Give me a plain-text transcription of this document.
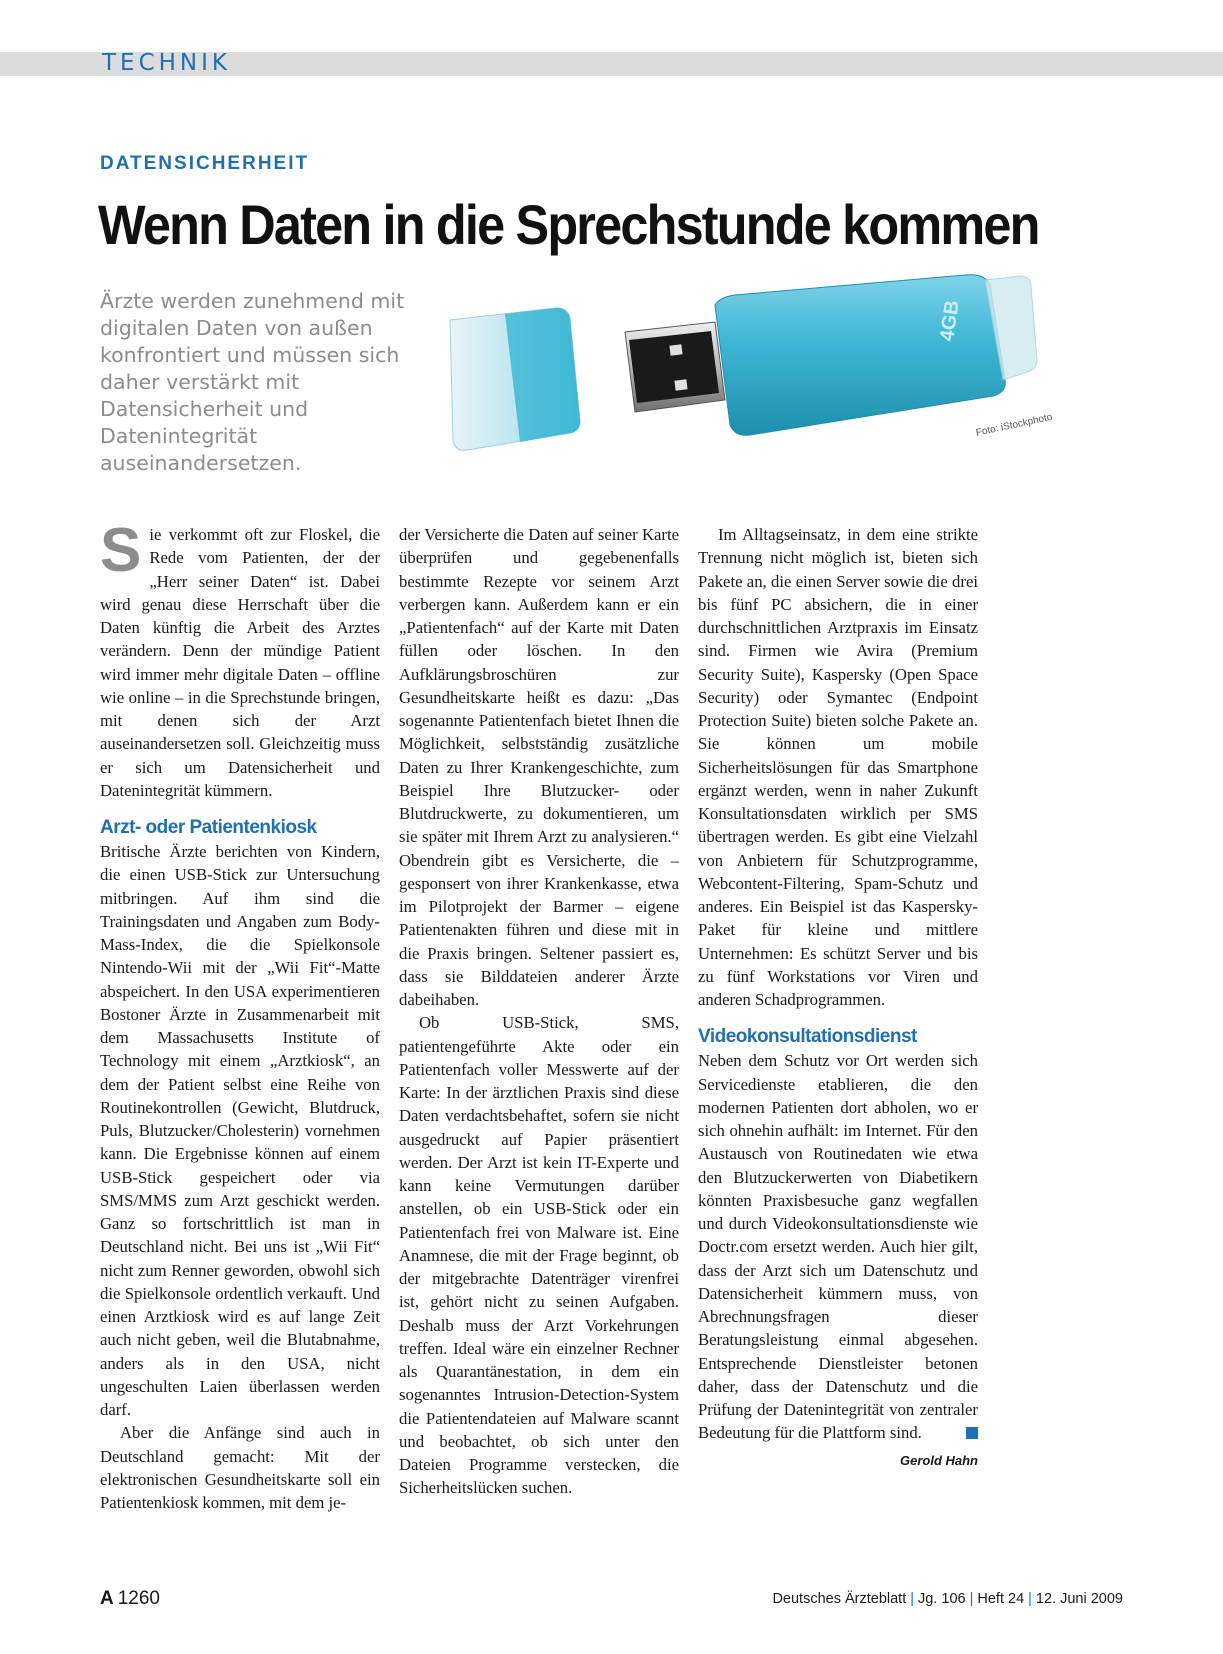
TECHNIK
DATENSICHERHEIT
Wenn Daten in die Sprechstunde kommen
Ärzte werden zunehmend mit digitalen Daten von außen konfrontiert und müssen sich daher verstärkt mit Datensicherheit und Datenintegrität auseinandersetzen.
4GB
Foto: iStockphoto

Sie verkommt oft zur Floskel, die Rede vom Patienten, der der „Herr seiner Daten“ ist. Dabei wird genau diese Herrschaft über die Daten künftig die Arbeit des Arztes verändern. Denn der mündige Patient wird immer mehr digitale Daten – offline wie online – in die Sprechstunde bringen, mit denen sich der Arzt auseinandersetzen soll. Gleichzeitig muss er sich um Datensicherheit und Datenintegrität kümmern.

Arzt- oder Patientenkiosk

Britische Ärzte berichten von Kindern, die einen USB-Stick zur Untersuchung mitbringen. Auf ihm sind die Trainingsdaten und Angaben zum Body-Mass-Index, die die Spielkonsole Nintendo-Wii mit der „Wii Fit“-Matte abspeichert. In den USA experimentieren Bostoner Ärzte in Zusammenarbeit mit dem Massachusetts Institute of Technology mit einem „Arztkiosk“, an dem der Patient selbst eine Reihe von Routinekontrollen (Gewicht, Blutdruck, Puls, Blutzucker/Cholesterin) vornehmen kann. Die Ergebnisse können auf einem USB-Stick gespeichert oder via SMS/MMS zum Arzt geschickt werden. Ganz so fortschrittlich ist man in Deutschland nicht. Bei uns ist „Wii Fit“ nicht zum Renner geworden, obwohl sich die Spielkonsole ordentlich verkauft. Und einen Arztkiosk wird es auf lange Zeit auch nicht geben, weil die Blutabnahme, anders als in den USA, nicht ungeschulten Laien überlassen werden darf.

Aber die Anfänge sind auch in Deutschland gemacht: Mit der elektronischen Gesundheitskarte soll ein Patientenkiosk kommen, mit dem je-

der Versicherte die Daten auf seiner Karte überprüfen und gegebenenfalls bestimmte Rezepte vor seinem Arzt verbergen kann. Außerdem kann er ein „Patientenfach“ auf der Karte mit Daten füllen oder löschen. In den Aufklärungsbroschüren zur Gesundheitskarte heißt es dazu: „Das sogenannte Patientenfach bietet Ihnen die Möglichkeit, selbstständig zusätzliche Daten zu Ihrer Krankengeschichte, zum Beispiel Ihre Blutzucker- oder Blutdruckwerte, zu dokumentieren, um sie später mit Ihrem Arzt zu analysieren.“ Obendrein gibt es Versicherte, die – gesponsert von ihrer Krankenkasse, etwa im Pilotprojekt der Barmer – eigene Patientenakten führen und diese mit in die Praxis bringen. Seltener passiert es, dass sie Bilddateien anderer Ärzte dabeihaben.

Ob USB-Stick, SMS, patientengeführte Akte oder ein Patientenfach voller Messwerte auf der Karte: In der ärztlichen Praxis sind diese Daten verdachtsbehaftet, sofern sie nicht ausgedruckt auf Papier präsentiert werden. Der Arzt ist kein IT-Experte und kann keine Vermutungen darüber anstellen, ob ein USB-Stick oder ein Patientenfach frei von Malware ist. Eine Anamnese, die mit der Frage beginnt, ob der mitgebrachte Datenträger virenfrei ist, gehört nicht zu seinen Aufgaben. Deshalb muss der Arzt Vorkehrungen treffen. Ideal wäre ein einzelner Rechner als Quarantänestation, in dem ein sogenanntes Intrusion-Detection-System die Patientendateien auf Malware scannt und beobachtet, ob sich unter den Dateien Programme verstecken, die Sicherheitslücken suchen.

Im Alltagseinsatz, in dem eine strikte Trennung nicht möglich ist, bieten sich Pakete an, die einen Server sowie die drei bis fünf PC absichern, die in einer durchschnittlichen Arztpraxis im Einsatz sind. Firmen wie Avira (Premium Security Suite), Kaspersky (Open Space Security) oder Symantec (Endpoint Protection Suite) bieten solche Pakete an. Sie können um mobile Sicherheitslösungen für das Smartphone ergänzt werden, wenn in naher Zukunft Konsultationsdaten wirklich per SMS übertragen werden. Es gibt eine Vielzahl von Anbietern für Schutzprogramme, Webcontent-Filtering, Spam-Schutz und anderes. Ein Beispiel ist das Kaspersky-Paket für kleine und mittlere Unternehmen: Es schützt Server und bis zu fünf Workstations vor Viren und anderen Schadprogrammen.

Videokonsultationsdienst

Neben dem Schutz vor Ort werden sich Servicedienste etablieren, die den modernen Patienten dort abholen, wo er sich ohnehin aufhält: im Internet. Für den Austausch von Routinedaten wie etwa den Blutzuckerwerten von Diabetikern könnten Praxisbesuche ganz wegfallen und durch Videokonsultationsdienste wie Doctr.com ersetzt werden. Auch hier gilt, dass der Arzt sich um Datenschutz und Datensicherheit kümmern muss, von Abrechnungsfragen dieser Beratungsleistung einmal abgesehen. Entsprechende Dienstleister betonen daher, dass der Datenschutz und die Prüfung der Datenintegrität von zentraler Bedeutung für die Plattform sind.

Gerold Hahn
A 1260	Deutsches Ärzteblatt | Jg. 106 | Heft 24 | 12. Juni 2009
